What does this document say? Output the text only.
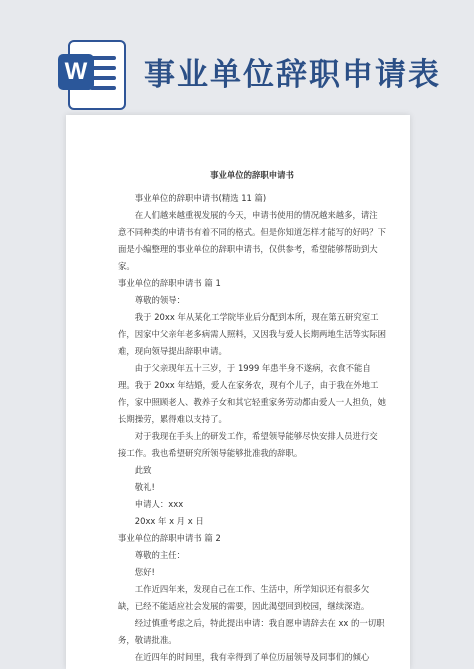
W 事业单位辞职申请表
事业单位的辞职申请书
事业单位的辞职申请书(精选 11 篇)
在人们越来越重视发展的今天，申请书使用的情况越来越多，请注意不同种类的申请书有着不同的格式。但是你知道怎样才能写的好吗？下面是小编整理的事业单位的辞职申请书，仅供参考，希望能够帮助到大家。
事业单位的辞职申请书 篇 1
尊敬的领导：
我于 20xx 年从某化工学院毕业后分配到本所，现在第五研究室工作，因家中父亲年老多病需人照料，又因我与爱人长期两地生活等实际困难，现向领导提出辞职申请。
由于父亲现年五十三岁，于 1999 年患半身不遂病，衣食不能自理。我于 20xx 年结婚，爱人在家务农，现有个儿子，由于我在外地工作，家中照顾老人、教养子女和其它轻重家务劳动都由爱人一人担负，她长期操劳，累得难以支持了。
对于我现在手头上的研发工作，希望领导能够尽快安排人员进行交接工作。我也希望研究所领导能够批准我的辞职。
此致
敬礼!
申请人：xxx
20xx 年 x 月 x 日
事业单位的辞职申请书 篇 2
尊敬的主任：
您好!
工作近四年来，发现自己在工作、生活中，所学知识还有很多欠缺，已经不能适应社会发展的需要，因此渴望回到校园，继续深造。
经过慎重考虑之后，特此提出申请：我自愿申请辞去在 xx 的一切职务，敬请批准。
在近四年的时间里，我有幸得到了单位历届领导及同事们的倾心
